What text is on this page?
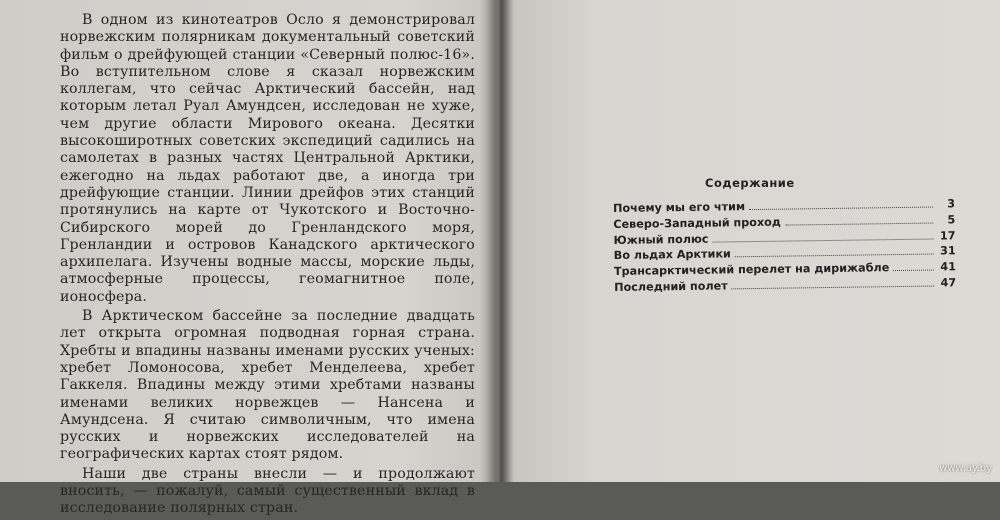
В одном из кинотеатров Осло я демонстрировал норвежским полярникам документальный советский фильм о дрейфующей станции «Северный полюс-16». Во вступительном слове я сказал норвежским коллегам, что сейчас Арктический бассейн, над которым летал Руал Амундсен, исследован не хуже, чем другие области Мирового океана. Десятки высокоширотных советских экспедиций садились на самолетах в разных частях Центральной Арктики, ежегодно на льдах работают две, а иногда три дрейфующие станции. Линии дрейфов этих станций протянулись на карте от Чукотского и Восточно-Сибирского морей до Гренландского моря, Гренландии и островов Канадского арктического архипелага. Изучены водные массы, морские льды, атмосферные процессы, геомагнитное поле, ионосфера.

В Арктическом бассейне за последние двадцать лет открыта огромная подводная горная страна. Хребты и впадины названы именами русских ученых: хребет Ломоносова, хребет Менделеева, хребет Гаккеля. Впадины между этими хребтами названы именами великих норвежцев — Нансена и Амундсена. Я считаю символичным, что имена русских и норвежских исследователей на географических картах стоят рядом.

Наши две страны внесли — и продолжают вносить, — пожалуй, самый существенный вклад в исследование полярных стран.

Содержание
Почему мы его чтим	3
Северо-Западный проход	5
Южный полюс	17
Во льдах Арктики	31
Трансарктический перелет на дирижабле	41
Последний полет	47
www.ay.by
